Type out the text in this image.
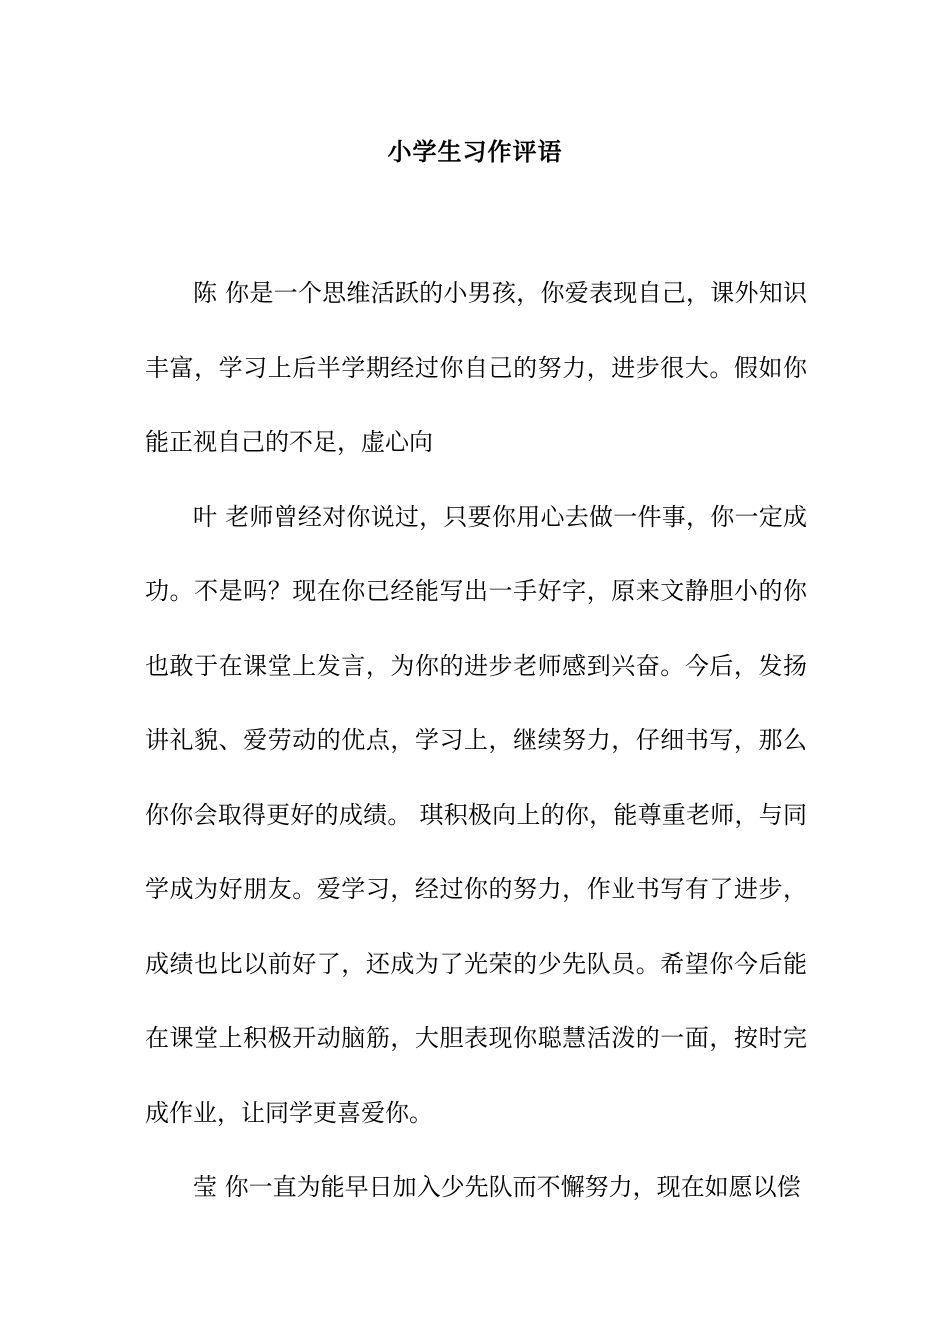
小学生习作评语

陈 你是一个思维活跃的小男孩，你爱表现自己，课外知识
丰富，学习上后半学期经过你自己的努力，进步很大。假如你
能正视自己的不足，虚心向

叶 老师曾经对你说过，只要你用心去做一件事，你一定成
功。不是吗？现在你已经能写出一手好字，原来文静胆小的你
也敢于在课堂上发言，为你的进步老师感到兴奋。今后，发扬
讲礼貌、爱劳动的优点，学习上，继续努力，仔细书写，那么
你你会取得更好的成绩。 琪积极向上的你，能尊重老师，与同
学成为好朋友。爱学习，经过你的努力，作业书写有了进步，
成绩也比以前好了，还成为了光荣的少先队员。希望你今后能
在课堂上积极开动脑筋，大胆表现你聪慧活泼的一面，按时完
成作业，让同学更喜爱你。

莹 你一直为能早日加入少先队而不懈努力，现在如愿以偿
